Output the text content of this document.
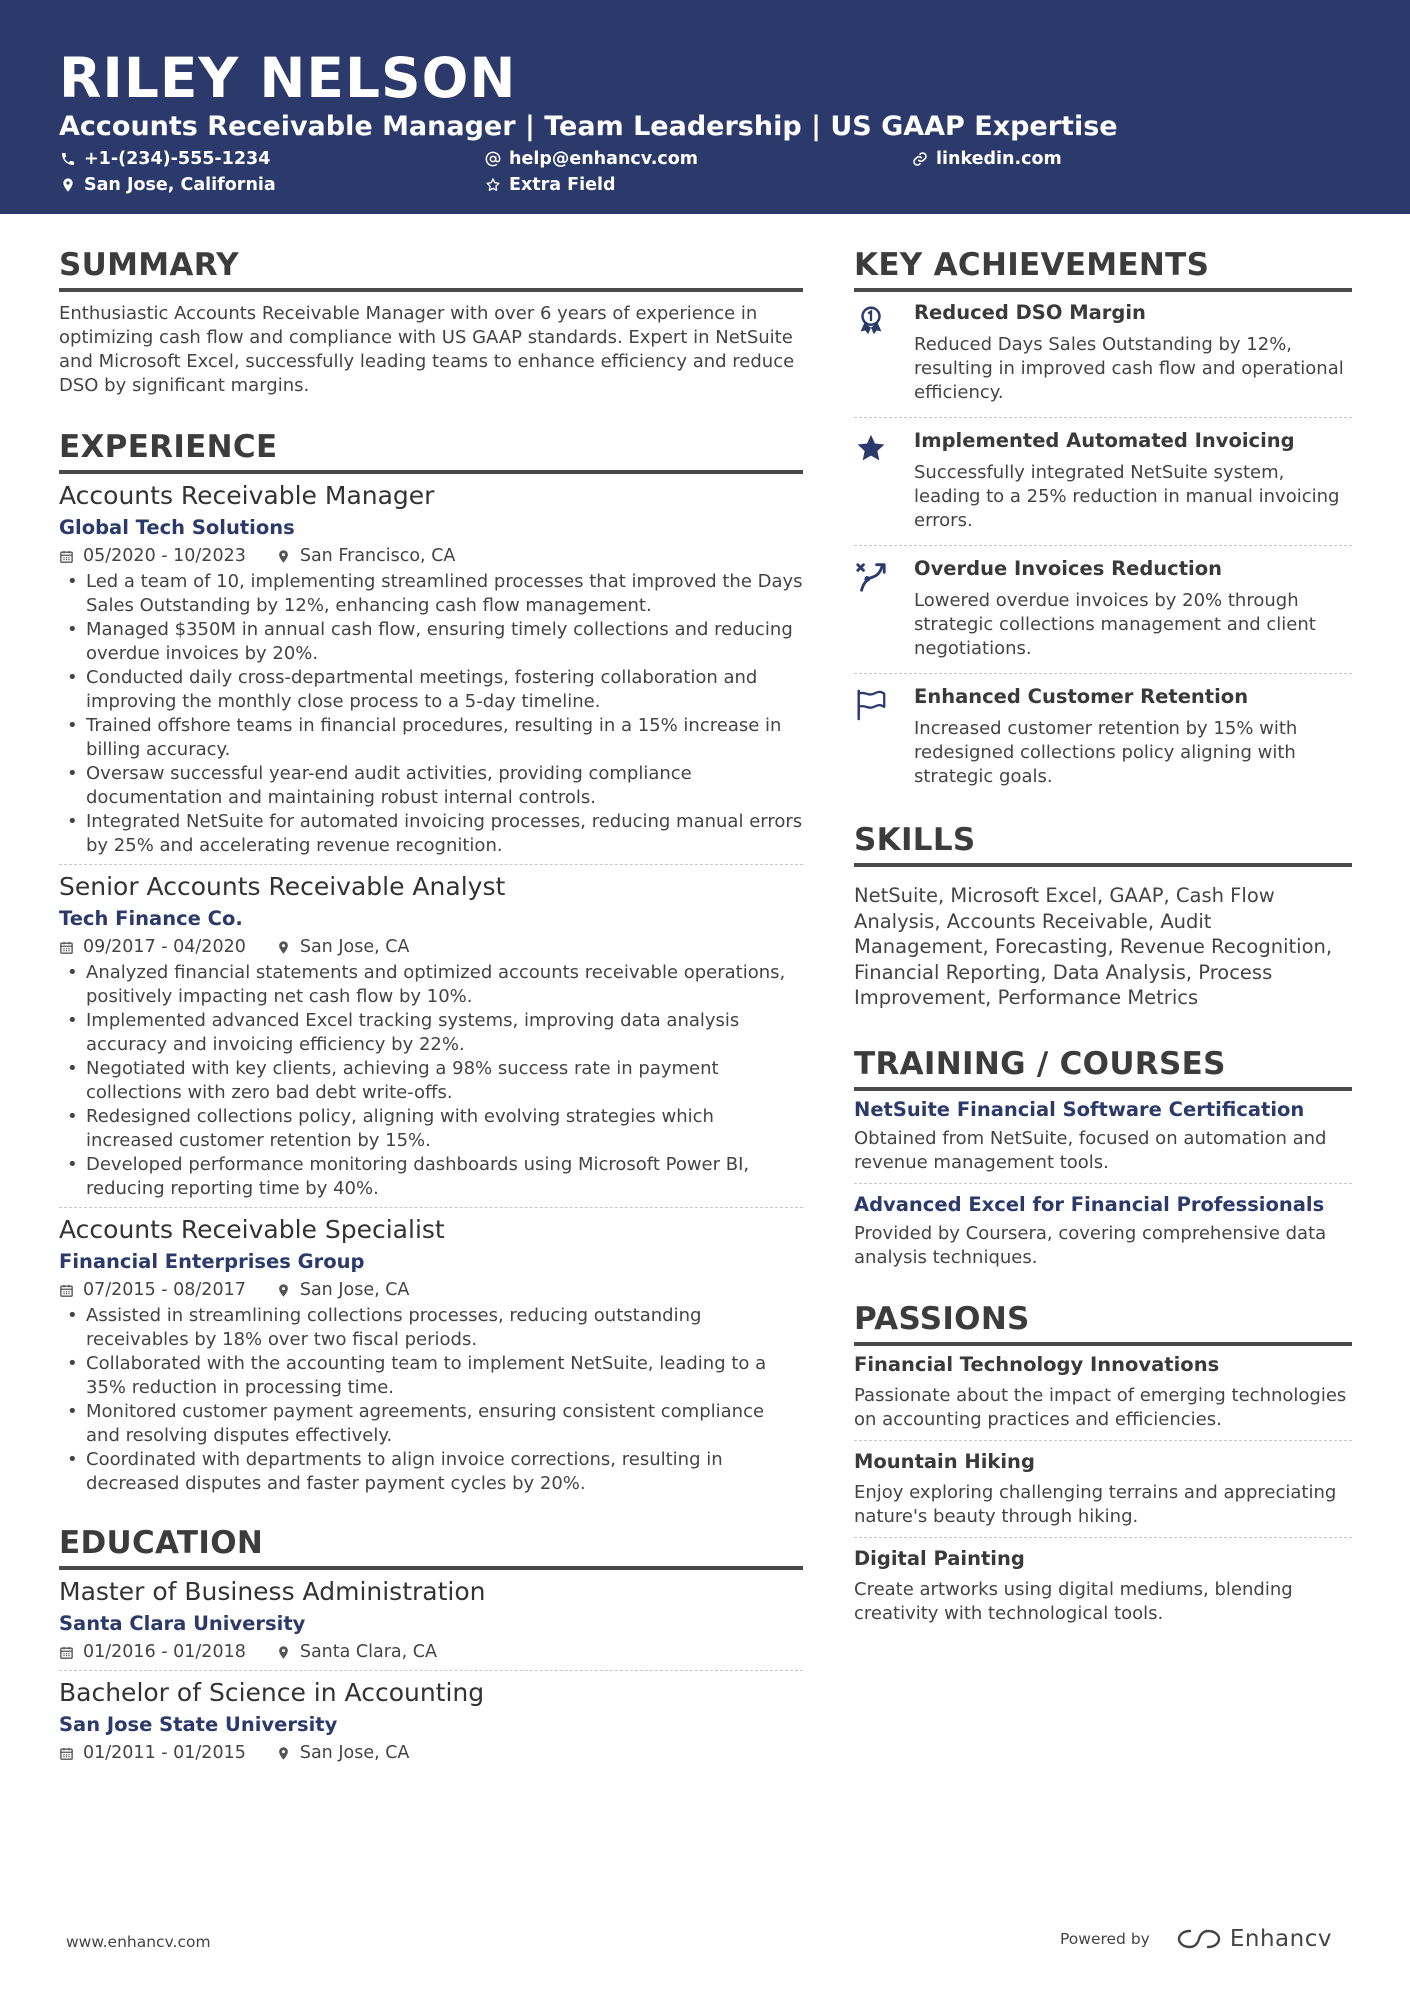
RILEY NELSON
Accounts Receivable Manager | Team Leadership | US GAAP Expertise
+1-(234)-555-1234	help@enhancv.com	linkedin.com
San Jose, California	Extra Field
SUMMARY
Enthusiastic Accounts Receivable Manager with over 6 years of experience in optimizing cash flow and compliance with US GAAP standards. Expert in NetSuite and Microsoft Excel, successfully leading teams to enhance efficiency and reduce DSO by significant margins.
EXPERIENCE
Accounts Receivable Manager
Global Tech Solutions
05/2020 - 10/2023	San Francisco, CA
• Led a team of 10, implementing streamlined processes that improved the Days Sales Outstanding by 12%, enhancing cash flow management.
• Managed $350M in annual cash flow, ensuring timely collections and reducing overdue invoices by 20%.
• Conducted daily cross-departmental meetings, fostering collaboration and improving the monthly close process to a 5-day timeline.
• Trained offshore teams in financial procedures, resulting in a 15% increase in billing accuracy.
• Oversaw successful year-end audit activities, providing compliance documentation and maintaining robust internal controls.
• Integrated NetSuite for automated invoicing processes, reducing manual errors by 25% and accelerating revenue recognition.
Senior Accounts Receivable Analyst
Tech Finance Co.
09/2017 - 04/2020	San Jose, CA
• Analyzed financial statements and optimized accounts receivable operations, positively impacting net cash flow by 10%.
• Implemented advanced Excel tracking systems, improving data analysis accuracy and invoicing efficiency by 22%.
• Negotiated with key clients, achieving a 98% success rate in payment collections with zero bad debt write-offs.
• Redesigned collections policy, aligning with evolving strategies which increased customer retention by 15%.
• Developed performance monitoring dashboards using Microsoft Power BI, reducing reporting time by 40%.
Accounts Receivable Specialist
Financial Enterprises Group
07/2015 - 08/2017	San Jose, CA
• Assisted in streamlining collections processes, reducing outstanding receivables by 18% over two fiscal periods.
• Collaborated with the accounting team to implement NetSuite, leading to a 35% reduction in processing time.
• Monitored customer payment agreements, ensuring consistent compliance and resolving disputes effectively.
• Coordinated with departments to align invoice corrections, resulting in decreased disputes and faster payment cycles by 20%.
EDUCATION
Master of Business Administration
Santa Clara University
01/2016 - 01/2018	Santa Clara, CA
Bachelor of Science in Accounting
San Jose State University
01/2011 - 01/2015	San Jose, CA
KEY ACHIEVEMENTS
Reduced DSO Margin
Reduced Days Sales Outstanding by 12%, resulting in improved cash flow and operational efficiency.
Implemented Automated Invoicing
Successfully integrated NetSuite system, leading to a 25% reduction in manual invoicing errors.
Overdue Invoices Reduction
Lowered overdue invoices by 20% through strategic collections management and client negotiations.
Enhanced Customer Retention
Increased customer retention by 15% with redesigned collections policy aligning with strategic goals.
SKILLS
NetSuite, Microsoft Excel, GAAP, Cash Flow Analysis, Accounts Receivable, Audit Management, Forecasting, Revenue Recognition, Financial Reporting, Data Analysis, Process Improvement, Performance Metrics
TRAINING / COURSES
NetSuite Financial Software Certification
Obtained from NetSuite, focused on automation and revenue management tools.
Advanced Excel for Financial Professionals
Provided by Coursera, covering comprehensive data analysis techniques.
PASSIONS
Financial Technology Innovations
Passionate about the impact of emerging technologies on accounting practices and efficiencies.
Mountain Hiking
Enjoy exploring challenging terrains and appreciating nature's beauty through hiking.
Digital Painting
Create artworks using digital mediums, blending creativity with technological tools.
www.enhancv.com	Powered by	Enhancv
